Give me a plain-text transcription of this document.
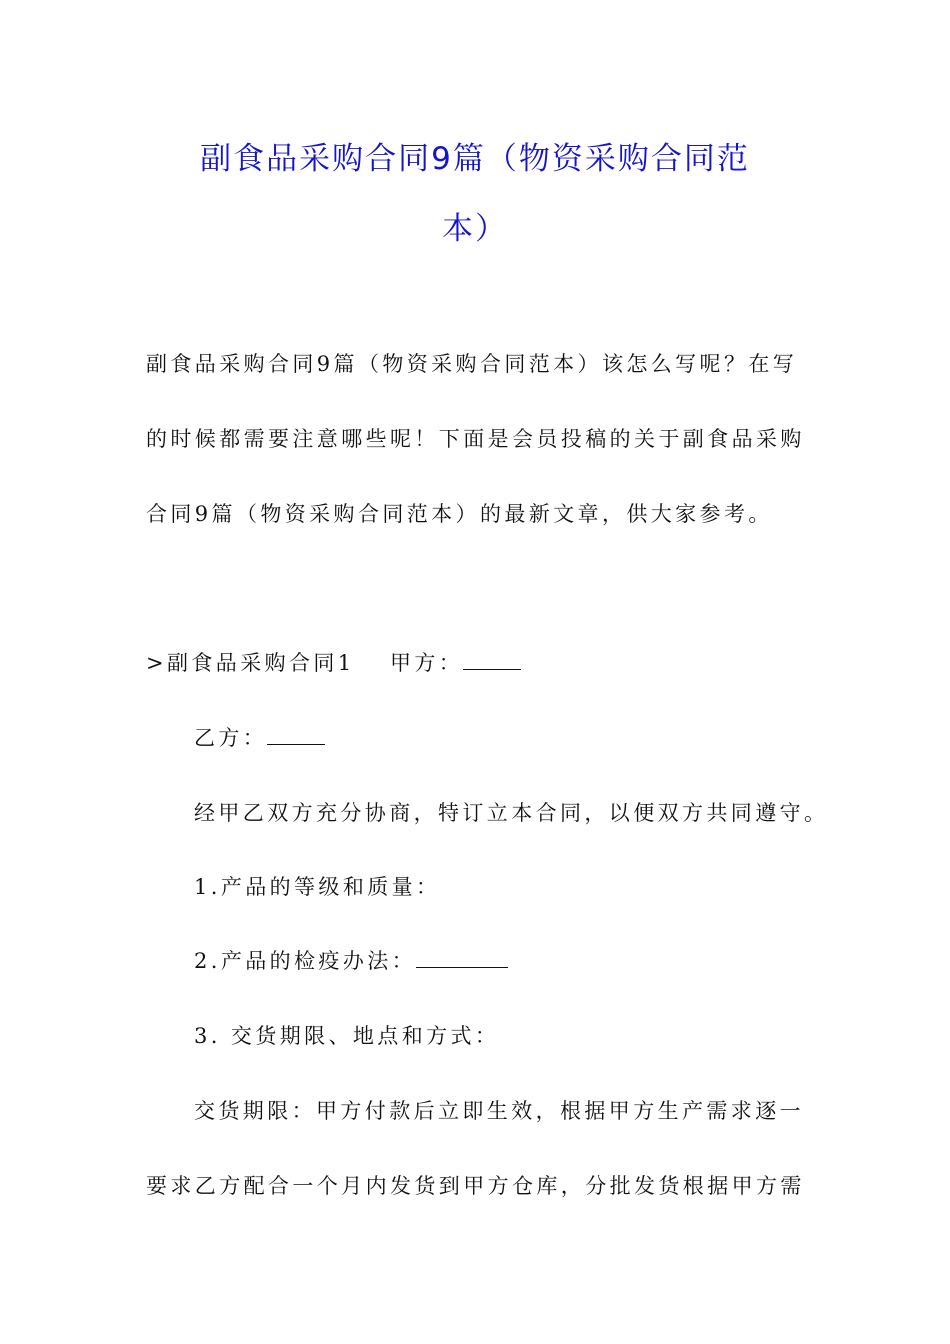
副食品采购合同9篇（物资采购合同范
本）
副食品采购合同9篇（物资采购合同范本）该怎么写呢？在写
的时候都需要注意哪些呢！下面是会员投稿的关于副食品采购
合同9篇（物资采购合同范本）的最新文章，供大家参考。
>副食品采购合同1 甲方：
乙方：
经甲乙双方充分协商，特订立本合同，以便双方共同遵守。
1.产品的等级和质量：
2.产品的检疫办法：
3. 交货期限、地点和方式：
交货期限：甲方付款后立即生效，根据甲方生产需求逐一
要求乙方配合一个月内发货到甲方仓库，分批发货根据甲方需
